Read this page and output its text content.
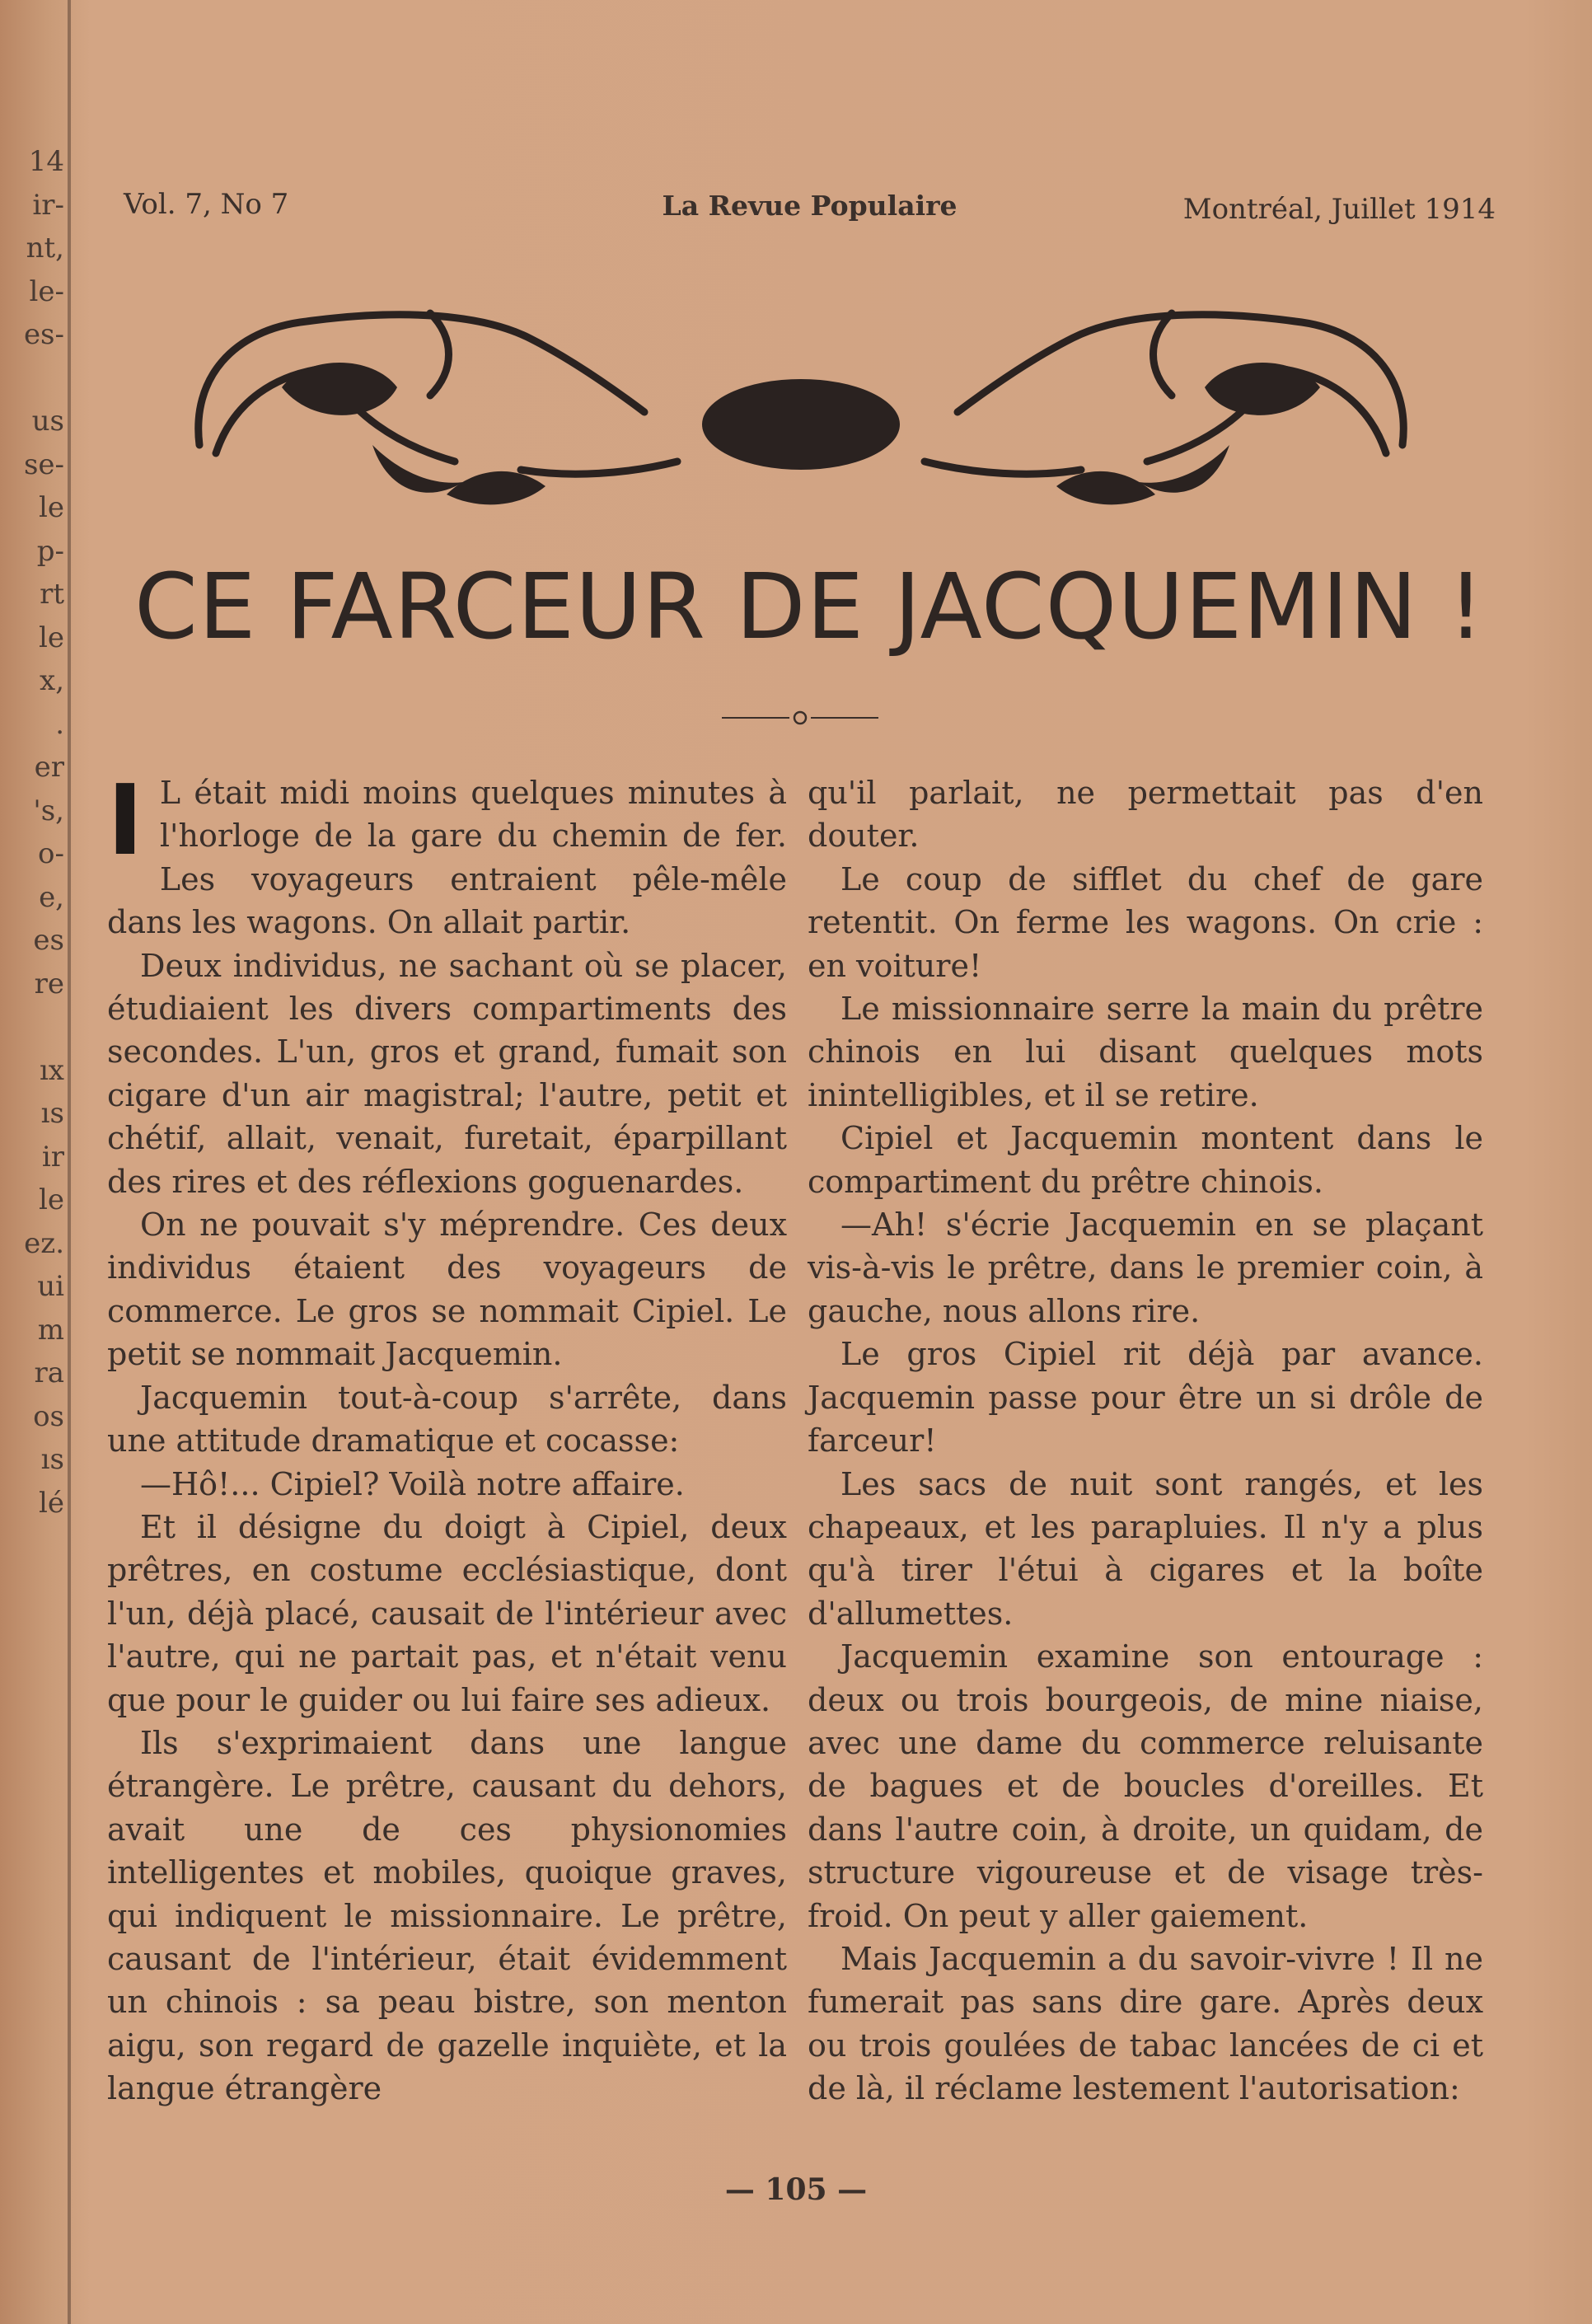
14
ir-
nt,
le-
es-

us
se-
le
p-
rt
le
x,
.
er
's,
o-
e,
es
re

ıx
ıs
ir
le
ez.
ui
m
ra
os
ıs
lé
Vol. 7, No 7	La Revue Populaire	Montréal, Juillet 1914
CE FARCEUR DE JACQUEMIN !

I L était midi moins quelques minutes à l'horloge de la gare du chemin de fer. Les voyageurs entraient pêle-mêle dans les wagons. On allait partir.

Deux individus, ne sachant où se placer, étudiaient les divers compartiments des secondes. L'un, gros et grand, fumait son cigare d'un air magistral; l'autre, petit et chétif, allait, venait, furetait, éparpillant des rires et des réflexions goguenardes.

On ne pouvait s'y méprendre. Ces deux individus étaient des voyageurs de commerce. Le gros se nommait Cipiel. Le petit se nommait Jacquemin.

Jacquemin tout-à-coup s'arrête, dans une attitude dramatique et cocasse:

—Hô!... Cipiel? Voilà notre affaire.

Et il désigne du doigt à Cipiel, deux prêtres, en costume ecclésiastique, dont l'un, déjà placé, causait de l'intérieur avec l'autre, qui ne partait pas, et n'était venu que pour le guider ou lui faire ses adieux.

Ils s'exprimaient dans une langue étrangère. Le prêtre, causant du dehors, avait une de ces physionomies intelligentes et mobiles, quoique graves, qui indiquent le missionnaire. Le prêtre, causant de l'intérieur, était évidemment un chinois : sa peau bistre, son menton aigu, son regard de gazelle inquiète, et la langue étrangère

qu'il parlait, ne permettait pas d'en douter.

Le coup de sifflet du chef de gare retentit. On ferme les wagons. On crie : en voiture!

Le missionnaire serre la main du prêtre chinois en lui disant quelques mots inintelligibles, et il se retire.

Cipiel et Jacquemin montent dans le compartiment du prêtre chinois.

—Ah! s'écrie Jacquemin en se plaçant vis-à-vis le prêtre, dans le premier coin, à gauche, nous allons rire.

Le gros Cipiel rit déjà par avance. Jacquemin passe pour être un si drôle de farceur!

Les sacs de nuit sont rangés, et les chapeaux, et les parapluies. Il n'y a plus qu'à tirer l'étui à cigares et la boîte d'allumettes.

Jacquemin examine son entourage : deux ou trois bourgeois, de mine niaise, avec une dame du commerce reluisante de bagues et de boucles d'oreilles. Et dans l'autre coin, à droite, un quidam, de structure vigoureuse et de visage très-froid. On peut y aller gaiement.

Mais Jacquemin a du savoir-vivre ! Il ne fumerait pas sans dire gare. Après deux ou trois goulées de tabac lancées de ci et de là, il réclame lestement l'autorisation:

— 105 —
